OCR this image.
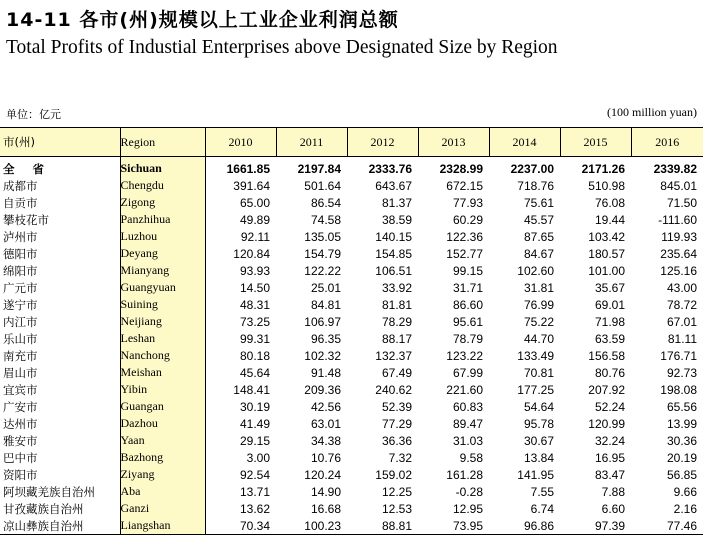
14-11 各市(州)规模以上工业企业利润总额
Total Profits of Industial Enterprises above Designated Size by Region
单位：亿元	(100 million yuan)
市(州)	Region	2010	2011	2012	2013	2014	2015	2016
全 省	Sichuan	1661.85	2197.84	2333.76	2328.99	2237.00	2171.26	2339.82
成都市	Chengdu	391.64	501.64	643.67	672.15	718.76	510.98	845.01
自贡市	Zigong	65.00	86.54	81.37	77.93	75.61	76.08	71.50
攀枝花市	Panzhihua	49.89	74.58	38.59	60.29	45.57	19.44	-111.60
泸州市	Luzhou	92.11	135.05	140.15	122.36	87.65	103.42	119.93
德阳市	Deyang	120.84	154.79	154.85	152.77	84.67	180.57	235.64
绵阳市	Mianyang	93.93	122.22	106.51	99.15	102.60	101.00	125.16
广元市	Guangyuan	14.50	25.01	33.92	31.71	31.81	35.67	43.00
遂宁市	Suining	48.31	84.81	81.81	86.60	76.99	69.01	78.72
内江市	Neijiang	73.25	106.97	78.29	95.61	75.22	71.98	67.01
乐山市	Leshan	99.31	96.35	88.17	78.79	44.70	63.59	81.11
南充市	Nanchong	80.18	102.32	132.37	123.22	133.49	156.58	176.71
眉山市	Meishan	45.64	91.48	67.49	67.99	70.81	80.76	92.73
宜宾市	Yibin	148.41	209.36	240.62	221.60	177.25	207.92	198.08
广安市	Guangan	30.19	42.56	52.39	60.83	54.64	52.24	65.56
达州市	Dazhou	41.49	63.01	77.29	89.47	95.78	120.99	13.99
雅安市	Yaan	29.15	34.38	36.36	31.03	30.67	32.24	30.36
巴中市	Bazhong	3.00	10.76	7.32	9.58	13.84	16.95	20.19
资阳市	Ziyang	92.54	120.24	159.02	161.28	141.95	83.47	56.85
阿坝藏羌族自治州	Aba	13.71	14.90	12.25	-0.28	7.55	7.88	9.66
甘孜藏族自治州	Ganzi	13.62	16.68	12.53	12.95	6.74	6.60	2.16
凉山彝族自治州	Liangshan	70.34	100.23	88.81	73.95	96.86	97.39	77.46
